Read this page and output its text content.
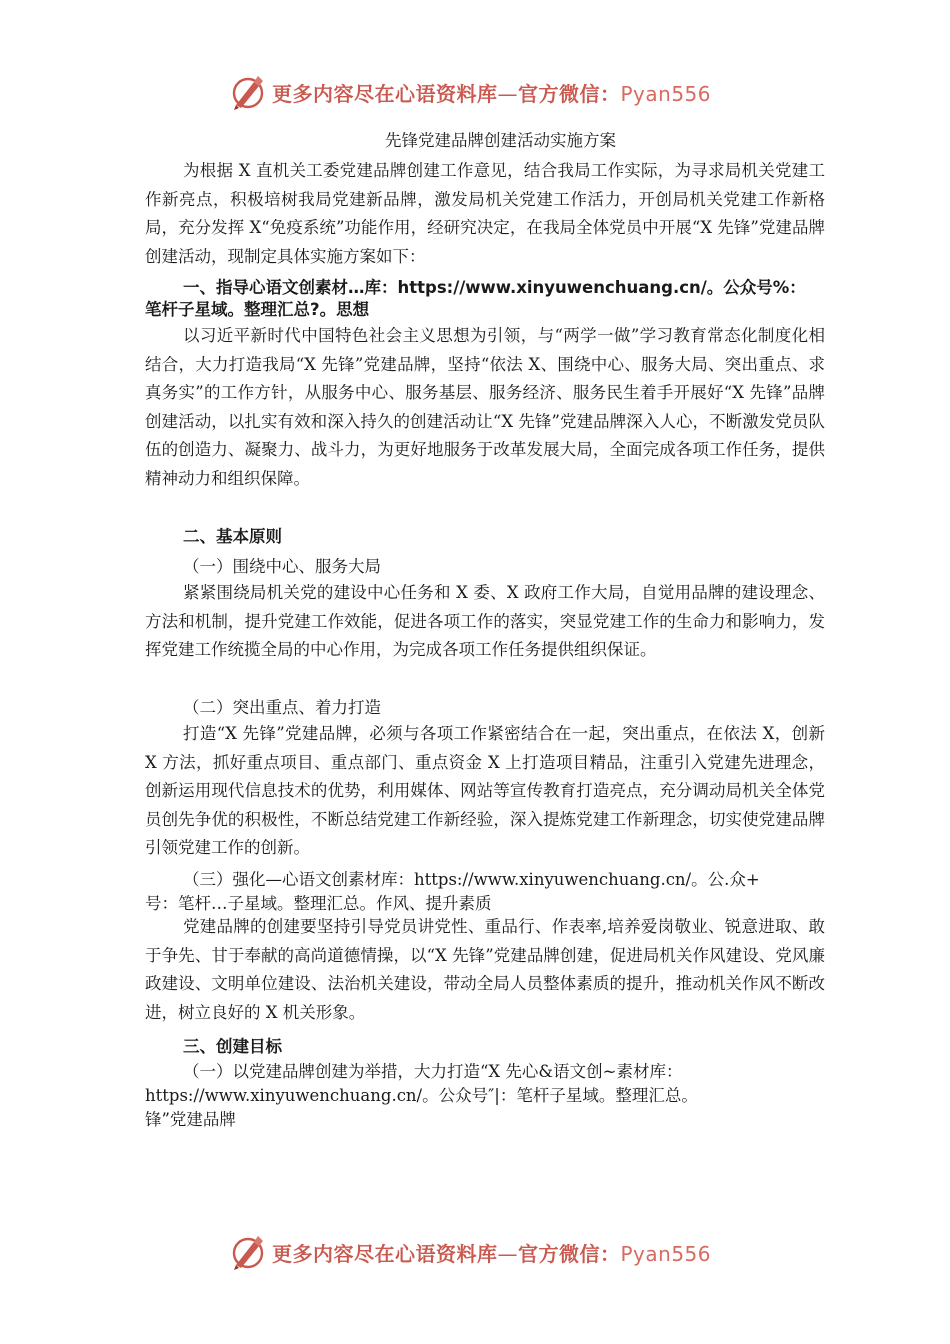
更多内容尽在心语资料库—官方微信：Pyan556
先锋党建品牌创建活动实施方案

为根据 X 直机关工委党建品牌创建工作意见，结合我局工作实际，为寻求局机关党建工作新亮点，积极培树我局党建新品牌，激发局机关党建工作活力，开创局机关党建工作新格局，充分发挥 X“免疫系统”功能作用，经研究决定，在我局全体党员中开展“X 先锋”党建品牌创建活动，现制定具体实施方案如下：

一、指导心语文创素材…库：https://www.xinyuwenchuang.cn/。公众号%：
笔杆子星域。整理汇总?。思想

以习近平新时代中国特色社会主义思想为引领，与“两学一做”学习教育常态化制度化相结合，大力打造我局“X 先锋”党建品牌，坚持“依法 X、围绕中心、服务大局、突出重点、求真务实”的工作方针，从服务中心、服务基层、服务经济、服务民生着手开展好“X 先锋”品牌创建活动，以扎实有效和深入持久的创建活动让“X 先锋”党建品牌深入人心，不断激发党员队伍的创造力、凝聚力、战斗力，为更好地服务于改革发展大局，全面完成各项工作任务，提供精神动力和组织保障。

二、基本原则
（一）围绕中心、服务大局

紧紧围绕局机关党的建设中心任务和 X 委、X 政府工作大局，自觉用品牌的建设理念、方法和机制，提升党建工作效能，促进各项工作的落实，突显党建工作的生命力和影响力，发挥党建工作统揽全局的中心作用，为完成各项工作任务提供组织保证。

（二）突出重点、着力打造

打造“X 先锋”党建品牌，必须与各项工作紧密结合在一起，突出重点，在依法 X，创新 X 方法，抓好重点项目、重点部门、重点资金 X 上打造项目精品，注重引入党建先进理念，创新运用现代信息技术的优势，利用媒体、网站等宣传教育打造亮点，充分调动局机关全体党员创先争优的积极性，不断总结党建工作新经验，深入提炼党建工作新理念，切实使党建品牌引领党建工作的创新。

（三）强化—心语文创素材库：https://www.xinyuwenchuang.cn/。公.众+
号：笔杆…子星域。整理汇总。作风、提升素质

党建品牌的创建要坚持引导党员讲党性、重品行、作表率,培养爱岗敬业、锐意进取、敢于争先、甘于奉献的高尚道德情操，以“X 先锋”党建品牌创建，促进局机关作风建设、党风廉政建设、文明单位建设、法治机关建设，带动全局人员整体素质的提升，推动机关作风不断改进，树立良好的 X 机关形象。

三、创建目标
（一）以党建品牌创建为举措，大力打造“X 先心&语文创~素材库：
https://www.xinyuwenchuang.cn/。公众号″|：笔杆子星域。整理汇总。
锋”党建品牌
更多内容尽在心语资料库—官方微信：Pyan556
